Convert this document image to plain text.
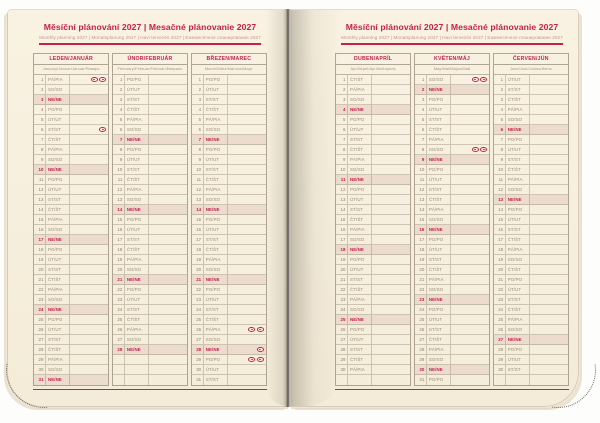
Měsíční plánování 2027 | Mesačné plánovanie 2027
Monthly planning 2027 | Monatsplanung 2027 | Havi tervezés 2027 | Ежемесячное планирование 2027
LEDEN/JANUÁR
January/Januar/Január/Январь
1	PÁ/PIA
2	SO/SO
3	NE/NE
4	PO/PO
5	ÚT/UT
6	ST/ST
7	ČT/ŠT
8	PÁ/PIA
9	SO/SO
10	NE/NE
11	PO/PO
12	ÚT/UT
13	ST/ST
14	ČT/ŠT
15	PÁ/PIA
16	SO/SO
17	NE/NE
18	PO/PO
19	ÚT/UT
20	ST/ST
21	ČT/ŠT
22	PÁ/PIA
23	SO/SO
24	NE/NE
25	PO/PO
26	ÚT/UT
27	ST/ST
28	ČT/ŠT
29	PÁ/PIA
30	SO/SO
31	NE/NE
ÚNOR/FEBRUÁR
February/Februar/Február/Февраль
1	PO/PO
2	ÚT/UT
3	ST/ST
4	ČT/ŠT
5	PÁ/PIA
6	SO/SO
7	NE/NE
8	PO/PO
9	ÚT/UT
10	ST/ST
11	ČT/ŠT
12	PÁ/PIA
13	SO/SO
14	NE/NE
15	PO/PO
16	ÚT/UT
17	ST/ST
18	ČT/ŠT
19	PÁ/PIA
20	SO/SO
21	NE/NE
22	PO/PO
23	ÚT/UT
24	ST/ST
25	ČT/ŠT
26	PÁ/PIA
27	SO/SO
28	NE/NE
BŘEZEN/MAREC
March/März/Március/Март
1	PO/PO
2	ÚT/UT
3	ST/ST
4	ČT/ŠT
5	PÁ/PIA
6	SO/SO
7	NE/NE
8	PO/PO
9	ÚT/UT
10	ST/ST
11	ČT/ŠT
12	PÁ/PIA
13	SO/SO
14	NE/NE
15	PO/PO
16	ÚT/UT
17	ST/ST
18	ČT/ŠT
19	PÁ/PIA
20	SO/SO
21	NE/NE
22	PO/PO
23	ÚT/UT
24	ST/ST
25	ČT/ŠT
26	PÁ/PIA
27	SO/SO
28	NE/NE
29	PO/PO
30	ÚT/UT
31	ST/ST
Měsíční plánování 2027 | Mesačné plánovanie 2027
Monthly planning 2027 | Monatsplanung 2027 | Havi tervezés 2027 | Ежемесячное планирование 2027
DUBEN/APRÍL
April/April/Április/Апрель
1	ČT/ŠT
2	PÁ/PIA
3	SO/SO
4	NE/NE
5	PO/PO
6	ÚT/UT
7	ST/ST
8	ČT/ŠT
9	PÁ/PIA
10	SO/SO
11	NE/NE
12	PO/PO
13	ÚT/UT
14	ST/ST
15	ČT/ŠT
16	PÁ/PIA
17	SO/SO
18	NE/NE
19	PO/PO
20	ÚT/UT
21	ST/ST
22	ČT/ŠT
23	PÁ/PIA
24	SO/SO
25	NE/NE
26	PO/PO
27	ÚT/UT
28	ST/ST
29	ČT/ŠT
30	PÁ/PIA
KVĚTEN/MÁJ
May/Mai/Május/Май
1	SO/SO
2	NE/NE
3	PO/PO
4	ÚT/UT
5	ST/ST
6	ČT/ŠT
7	PÁ/PIA
8	SO/SO
9	NE/NE
10	PO/PO
11	ÚT/UT
12	ST/ST
13	ČT/ŠT
14	PÁ/PIA
15	SO/SO
16	NE/NE
17	PO/PO
18	ÚT/UT
19	ST/ST
20	ČT/ŠT
21	PÁ/PIA
22	SO/SO
23	NE/NE
24	PO/PO
25	ÚT/UT
26	ST/ST
27	ČT/ŠT
28	PÁ/PIA
29	SO/SO
30	NE/NE
31	PO/PO
ČERVEN/JÚN
June/Juni/Június/Июнь
1	ÚT/UT
2	ST/ST
3	ČT/ŠT
4	PÁ/PIA
5	SO/SO
6	NE/NE
7	PO/PO
8	ÚT/UT
9	ST/ST
10	ČT/ŠT
11	PÁ/PIA
12	SO/SO
13	NE/NE
14	PO/PO
15	ÚT/UT
16	ST/ST
17	ČT/ŠT
18	PÁ/PIA
19	SO/SO
20	ČT/ŠT
21	PO/PO
22	ÚT/UT
23	ST/ST
24	ČT/ŠT
25	PÁ/PIA
26	SO/SO
27	NE/NE
28	PO/PO
29	ÚT/UT
30	ST/ST
